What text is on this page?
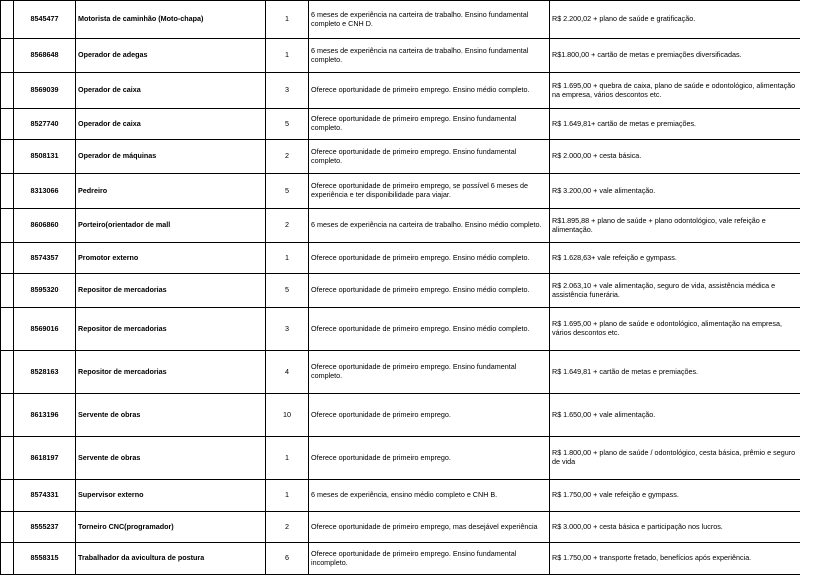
	8545477	Motorista de caminhão (Moto-chapa)	1	6 meses de experiência na carteira de trabalho. Ensino fundamental completo e CNH D.	R$ 2.200,02 + plano de saúde e gratificação.
	8568648	Operador de adegas	1	6 meses de experiência na carteira de trabalho. Ensino fundamental completo.	R$1.800,00 + cartão de metas e premiações diversificadas.
	8569039	Operador de caixa	3	Oferece oportunidade de primeiro emprego. Ensino médio completo.	R$ 1.695,00 + quebra de caixa, plano de saúde e odontológico, alimentação na empresa, vários descontos etc.
	8527740	Operador de caixa	5	Oferece oportunidade de primeiro emprego. Ensino fundamental completo.	R$ 1.649,81+ cartão de metas e premiações.
	8508131	Operador de máquinas	2	Oferece oportunidade de primeiro emprego. Ensino fundamental completo.	R$ 2.000,00 + cesta básica.
	8313066	Pedreiro	5	Oferece oportunidade de primeiro emprego, se possível 6 meses de experiência e ter disponibilidade para viajar.	R$ 3.200,00 + vale alimentação.
	8606860	Porteiro(orientador de mall	2	6 meses de experiência na carteira de trabalho. Ensino médio completo.	R$1.895,88 + plano de saúde + plano odontológico, vale refeição e alimentação.
	8574357	Promotor externo	1	Oferece oportunidade de primeiro emprego. Ensino médio completo.	R$ 1.628,63+ vale refeição e gympass.
	8595320	Repositor de mercadorias	5	Oferece oportunidade de primeiro emprego. Ensino médio completo.	R$ 2.063,10 + vale alimentação, seguro de vida, assistência médica e assistência funerária.
	8569016	Repositor de mercadorias	3	Oferece oportunidade de primeiro emprego. Ensino médio completo.	R$ 1.695,00 + plano de saúde e odontológico, alimentação na empresa, vários descontos etc.
	8528163	Repositor de mercadorias	4	Oferece oportunidade de primeiro emprego. Ensino fundamental completo.	R$ 1.649,81 + cartão de metas e premiações.
	8613196	Servente de obras	10	Oferece oportunidade de primeiro emprego.	R$ 1.650,00 + vale alimentação.
	8618197	Servente de obras	1	Oferece oportunidade de primeiro emprego.	R$ 1.800,00 + plano de saúde / odontológico, cesta básica, prêmio e seguro de vida
	8574331	Supervisor externo	1	6 meses de experiência, ensino médio completo e CNH B.	R$ 1.750,00 + vale refeição e gympass.
	8555237	Torneiro CNC(programador)	2	Oferece oportunidade de primeiro emprego, mas desejável experiência	R$ 3.000,00 + cesta básica e participação nos lucros.
	8558315	Trabalhador da avicultura de postura	6	Oferece oportunidade de primeiro emprego. Ensino fundamental incompleto.	R$ 1.750,00 + transporte fretado, benefícios após experiência.
